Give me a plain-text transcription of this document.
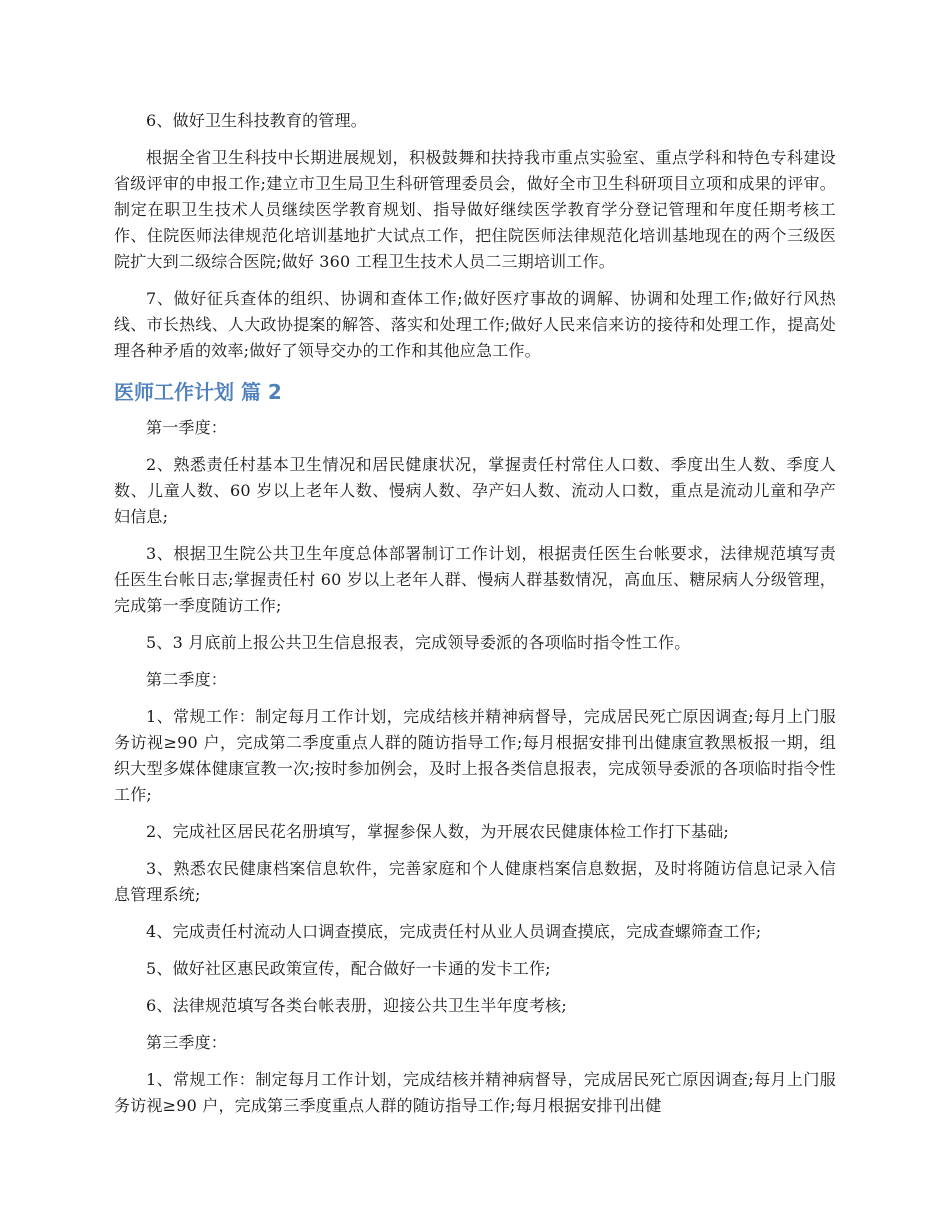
6、做好卫生科技教育的管理。

根据全省卫生科技中长期进展规划，积极鼓舞和扶持我市重点实验室、重点学科和特色专科建设省级评审的申报工作;建立市卫生局卫生科研管理委员会，做好全市卫生科研项目立项和成果的评审。制定在职卫生技术人员继续医学教育规划、指导做好继续医学教育学分登记管理和年度任期考核工作、住院医师法律规范化培训基地扩大试点工作，把住院医师法律规范化培训基地现在的两个三级医院扩大到二级综合医院;做好 360 工程卫生技术人员二三期培训工作。

7、做好征兵查体的组织、协调和查体工作;做好医疗事故的调解、协调和处理工作;做好行风热线、市长热线、人大政协提案的解答、落实和处理工作;做好人民来信来访的接待和处理工作，提高处理各种矛盾的效率;做好了领导交办的工作和其他应急工作。

医师工作计划 篇 2

第一季度：

2、熟悉责任村基本卫生情况和居民健康状况，掌握责任村常住人口数、季度出生人数、季度人数、儿童人数、60 岁以上老年人数、慢病人数、孕产妇人数、流动人口数，重点是流动儿童和孕产妇信息;

3、根据卫生院公共卫生年度总体部署制订工作计划，根据责任医生台帐要求，法律规范填写责任医生台帐日志;掌握责任村 60 岁以上老年人群、慢病人群基数情况，高血压、糖尿病人分级管理，完成第一季度随访工作;

5、3 月底前上报公共卫生信息报表，完成领导委派的各项临时指令性工作。

第二季度：

1、常规工作：制定每月工作计划，完成结核并精神病督导，完成居民死亡原因调查;每月上门服务访视≥90 户，完成第二季度重点人群的随访指导工作;每月根据安排刊出健康宣教黑板报一期，组织大型多媒体健康宣教一次;按时参加例会，及时上报各类信息报表，完成领导委派的各项临时指令性工作;

2、完成社区居民花名册填写，掌握参保人数，为开展农民健康体检工作打下基础;

3、熟悉农民健康档案信息软件，完善家庭和个人健康档案信息数据，及时将随访信息记录入信息管理系统;

4、完成责任村流动人口调查摸底，完成责任村从业人员调查摸底，完成查螺筛查工作;

5、做好社区惠民政策宣传，配合做好一卡通的发卡工作;

6、法律规范填写各类台帐表册，迎接公共卫生半年度考核;

第三季度：

1、常规工作：制定每月工作计划，完成结核并精神病督导，完成居民死亡原因调查;每月上门服务访视≥90 户，完成第三季度重点人群的随访指导工作;每月根据安排刊出健
